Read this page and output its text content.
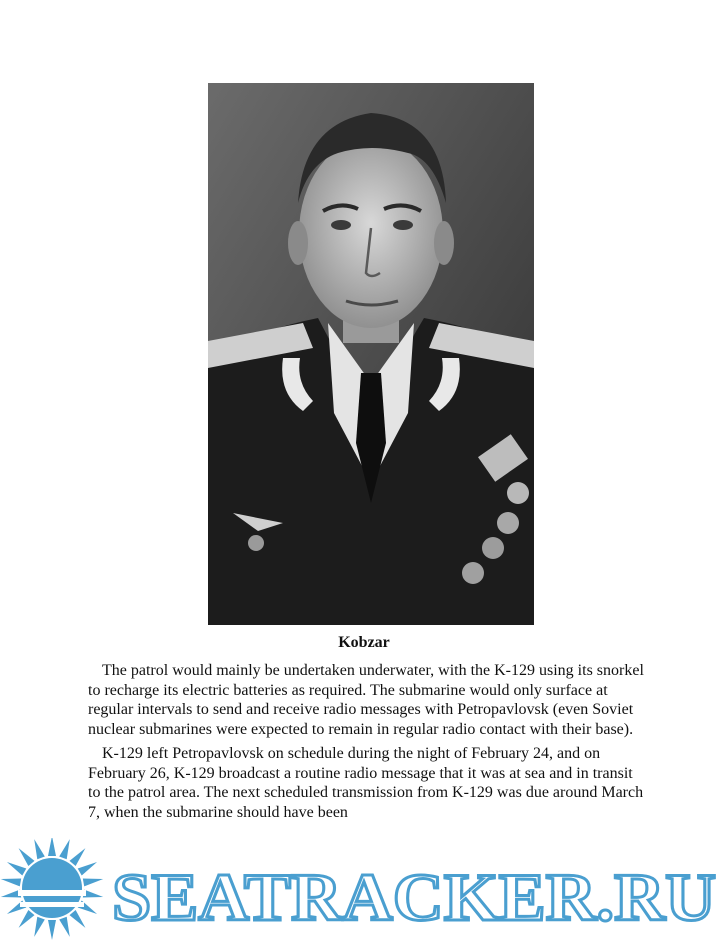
Kobzar

The patrol would mainly be undertaken underwater, with the K-129 using its snorkel to recharge its electric batteries as required. The submarine would only surface at regular intervals to send and receive radio messages with Petropavlovsk (even Soviet nuclear submarines were expected to remain in regular radio contact with their base).

K-129 left Petropavlovsk on schedule during the night of February 24, and on February 26, K-129 broadcast a routine radio message that it was at sea and in transit to the patrol area. The next scheduled transmission from K-129 was due around March 7, when the submarine should have been

SEATRACKER.RU
